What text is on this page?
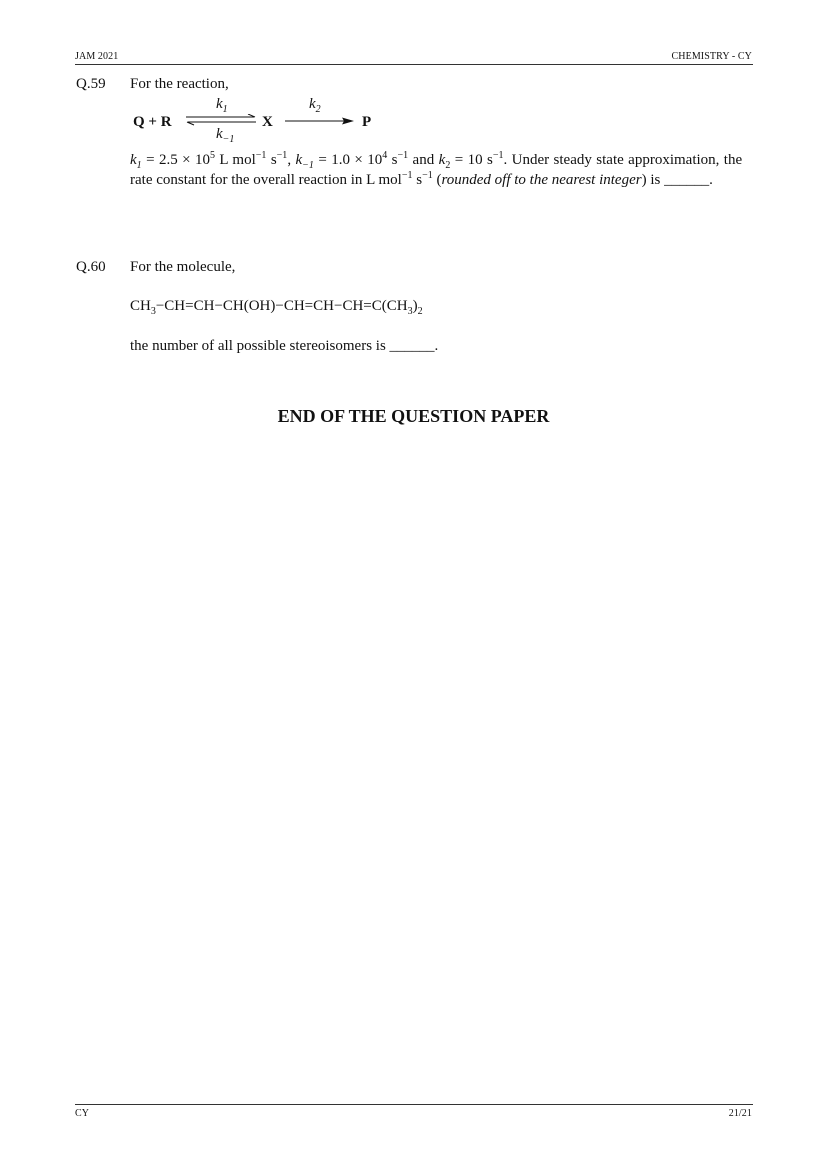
JAM 2021	CHEMISTRY - CY
Q.59 For the reaction,
Q + R
$k_1$
$k_{-1}$
X
$k_2$
P
$k_1 = 2.5 \times 10^5$ L mol$^{-1}$ $s^{-1}$, $k_{-1} = 1.0 \times 10^4$ $s^{-1}$ and $k_2 = 10$ $s^{-1}$. Under steady state approximation, the rate constant for the overall reaction in L mol$^{-1}$ $s^{-1}$ (rounded off to the nearest integer) is ______.
Q.60 For the molecule,
$CH_3-CH=CH-CH(OH)-CH=CH-CH=C(CH_3)_2$
the number of all possible stereoisomers is ______.
END OF THE QUESTION PAPER
CY	21/21
